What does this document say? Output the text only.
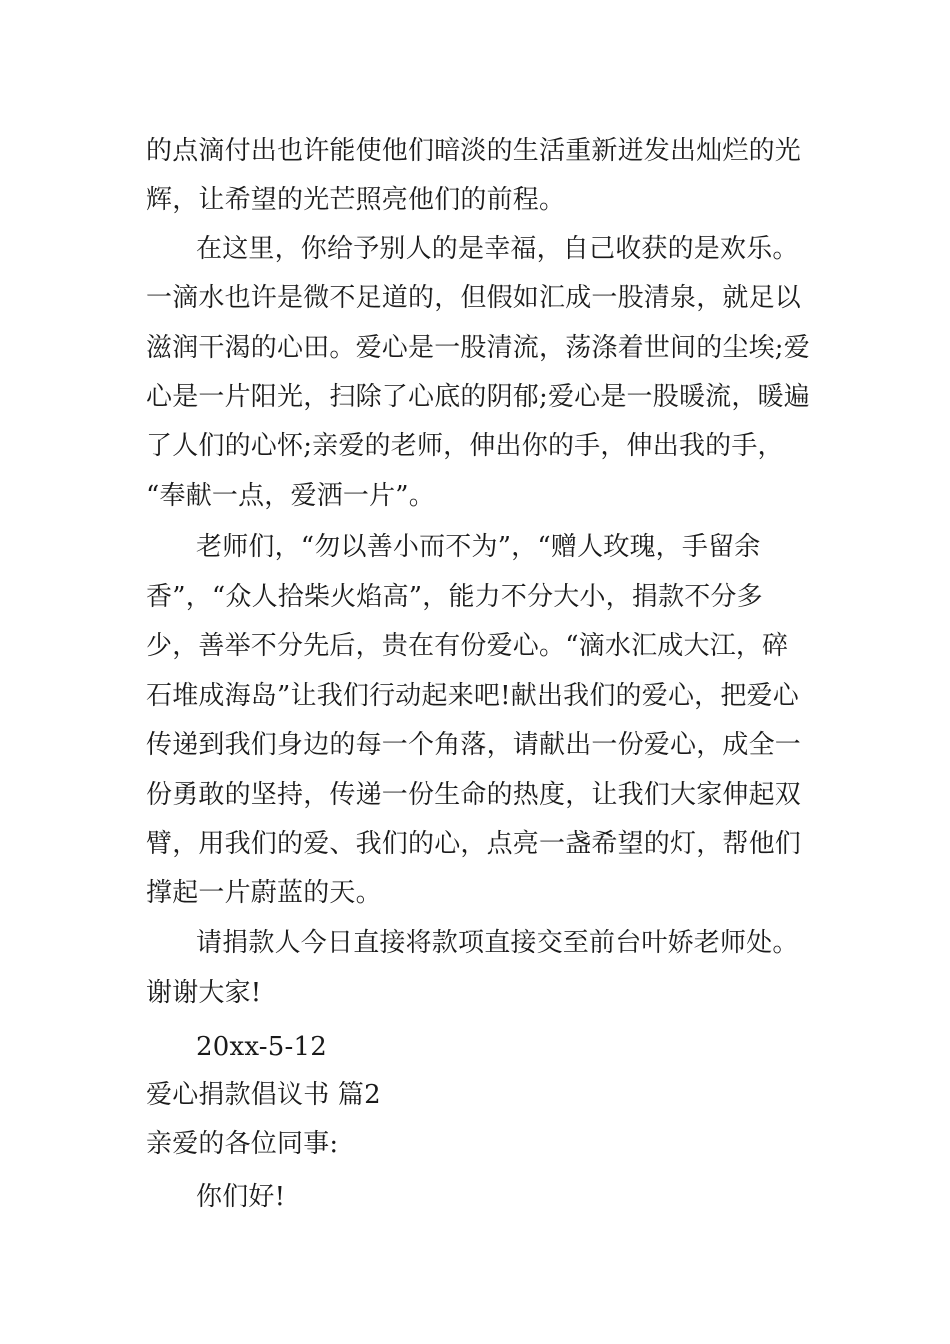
的点滴付出也许能使他们暗淡的生活重新迸发出灿烂的光
辉，让希望的光芒照亮他们的前程。
在这里，你给予别人的是幸福，自己收获的是欢乐。
一滴水也许是微不足道的，但假如汇成一股清泉，就足以
滋润干渴的心田。爱心是一股清流，荡涤着世间的尘埃;爱
心是一片阳光，扫除了心底的阴郁;爱心是一股暖流，暖遍
了人们的心怀;亲爱的老师，伸出你的手，伸出我的手，
“奉献一点，爱洒一片”。
老师们，“勿以善小而不为”，“赠人玫瑰，手留余
香”，“众人拾柴火焰高”，能力不分大小，捐款不分多
少，善举不分先后，贵在有份爱心。“滴水汇成大江，碎
石堆成海岛”让我们行动起来吧!献出我们的爱心，把爱心
传递到我们身边的每一个角落，请献出一份爱心，成全一
份勇敢的坚持，传递一份生命的热度，让我们大家伸起双
臂，用我们的爱、我们的心，点亮一盏希望的灯，帮他们
撑起一片蔚蓝的天。
请捐款人今日直接将款项直接交至前台叶娇老师处。
谢谢大家!
20xx-5-12
爱心捐款倡议书 篇2
亲爱的各位同事:
你们好!
